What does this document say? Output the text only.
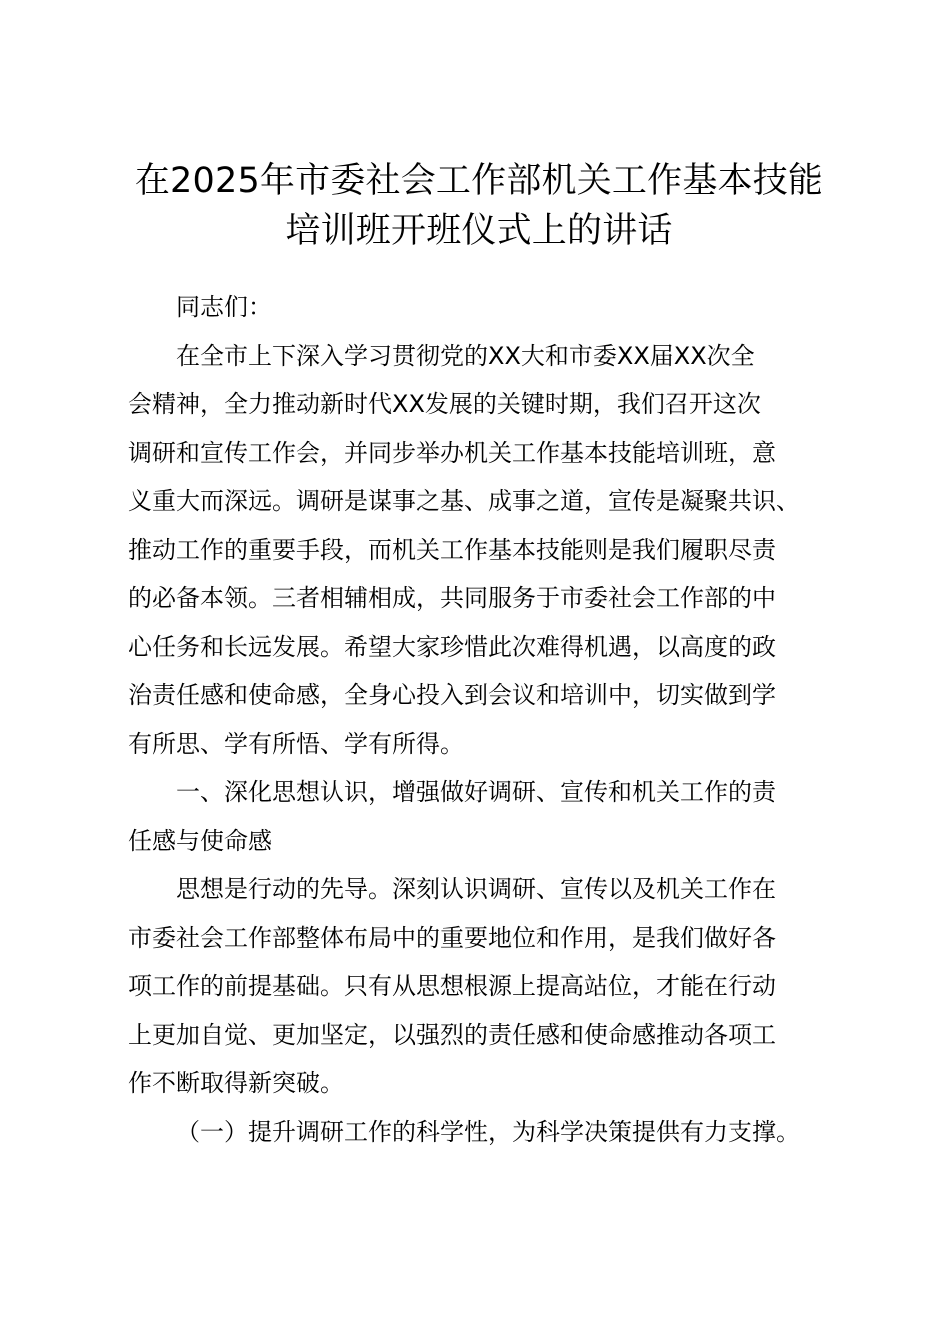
在2025年市委社会工作部机关工作基本技能
培训班开班仪式上的讲话

同志们：

在全市上下深入学习贯彻党的XX大和市委XX届XX次全
会精神，全力推动新时代XX发展的关键时期，我们召开这次
调研和宣传工作会，并同步举办机关工作基本技能培训班，意
义重大而深远。调研是谋事之基、成事之道，宣传是凝聚共识、
推动工作的重要手段，而机关工作基本技能则是我们履职尽责
的必备本领。三者相辅相成，共同服务于市委社会工作部的中
心任务和长远发展。希望大家珍惜此次难得机遇，以高度的政
治责任感和使命感，全身心投入到会议和培训中，切实做到学
有所思、学有所悟、学有所得。

一、深化思想认识，增强做好调研、宣传和机关工作的责
任感与使命感

思想是行动的先导。深刻认识调研、宣传以及机关工作在
市委社会工作部整体布局中的重要地位和作用，是我们做好各
项工作的前提基础。只有从思想根源上提高站位，才能在行动
上更加自觉、更加坚定，以强烈的责任感和使命感推动各项工
作不断取得新突破。

（一）提升调研工作的科学性，为科学决策提供有力支撑。
